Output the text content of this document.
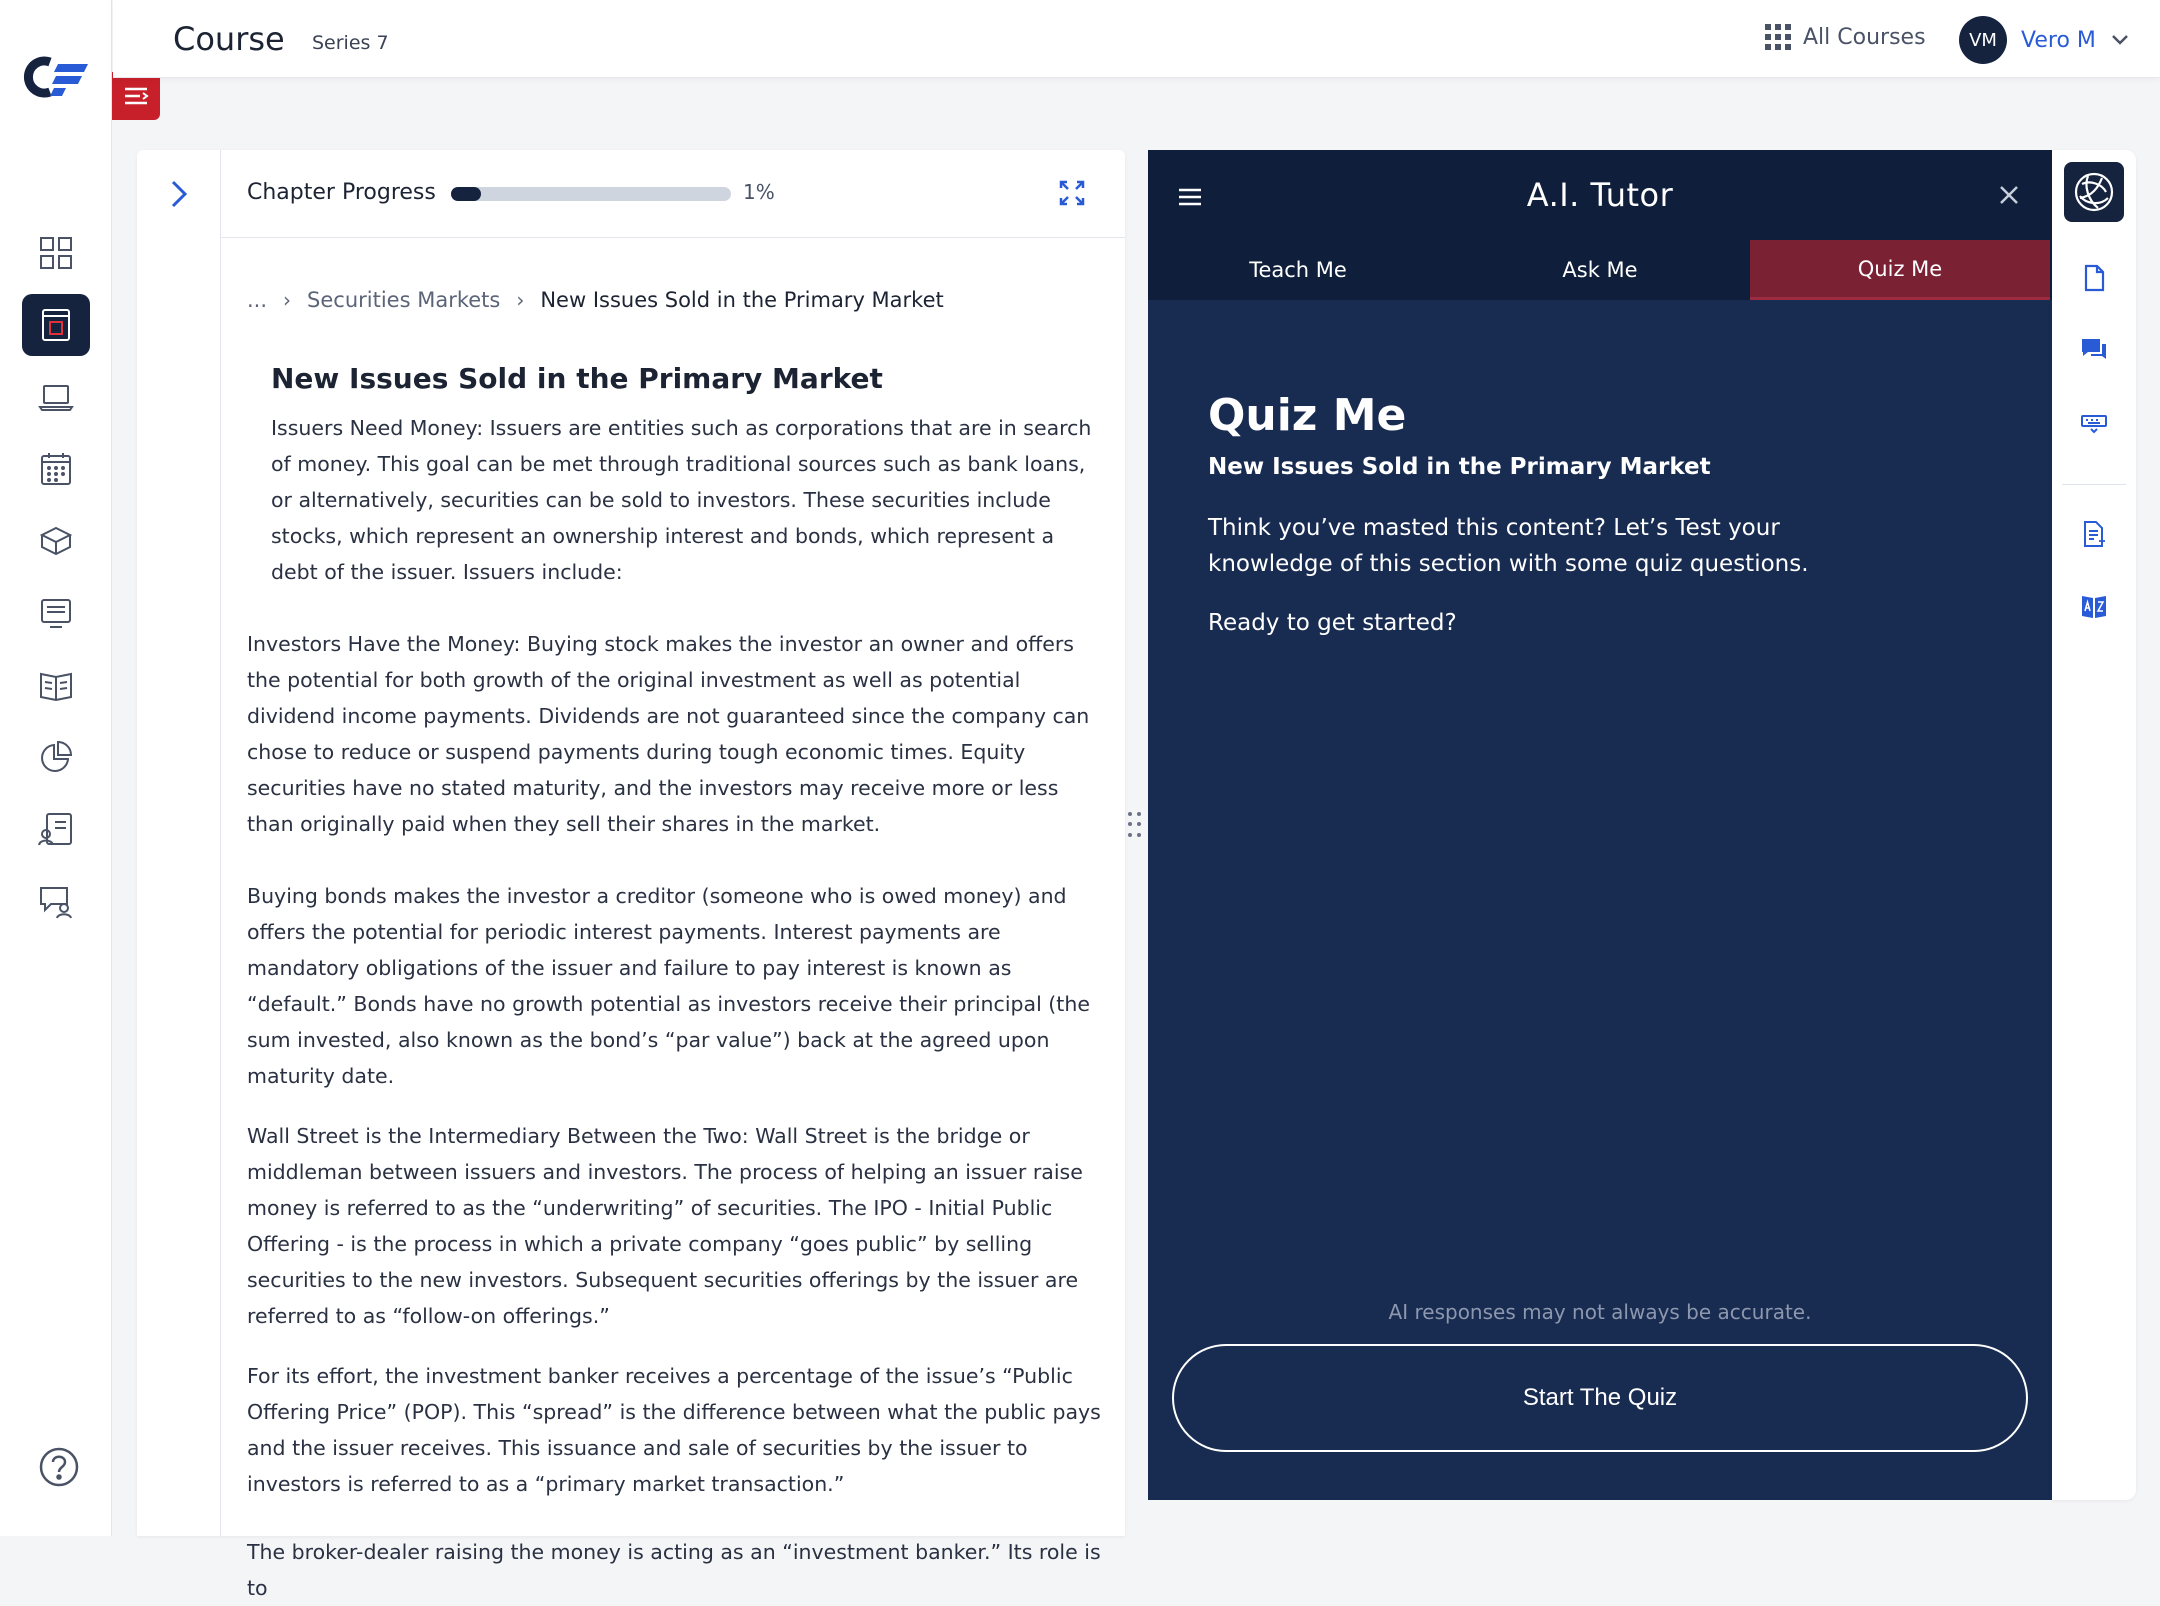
Course Series 7	All Courses	VM	Vero M
Chapter Progress	1%
... › Securities Markets › New Issues Sold in the Primary Market
New Issues Sold in the Primary Market

Issuers Need Money: Issuers are entities such as corporations that are in search of money. This goal can be met through traditional sources such as bank loans, or alternatively, securities can be sold to investors. These securities include stocks, which represent an ownership interest and bonds, which represent a debt of the issuer. Issuers include:

Investors Have the Money: Buying stock makes the investor an owner and offers the potential for both growth of the original investment as well as potential dividend income payments. Dividends are not guaranteed since the company can chose to reduce or suspend payments during tough economic times. Equity securities have no stated maturity, and the investors may receive more or less than originally paid when they sell their shares in the market.

Buying bonds makes the investor a creditor (someone who is owed money) and offers the potential for periodic interest payments. Interest payments are mandatory obligations of the issuer and failure to pay interest is known as “default.” Bonds have no growth potential as investors receive their principal (the sum invested, also known as the bond’s “par value”) back at the agreed upon maturity date.

Wall Street is the Intermediary Between the Two: Wall Street is the bridge or middleman between issuers and investors. The process of helping an issuer raise money is referred to as the “underwriting” of securities. The IPO - Initial Public Offering - is the process in which a private company “goes public” by selling securities to the new investors. Subsequent securities offerings by the issuer are referred to as “follow-on offerings.”

For its effort, the investment banker receives a percentage of the issue’s “Public Offering Price” (POP). This “spread” is the difference between what the public pays and the issuer receives. This issuance and sale of securities by the issuer to investors is referred to as a “primary market transaction.”

The broker-dealer raising the money is acting as an “investment banker.” Its role is to

A.I. Tutor
Teach Me	Ask Me	Quiz Me
Quiz Me
New Issues Sold in the Primary Market
Think you’ve masted this content? Let’s Test your knowledge of this section with some quiz questions.
Ready to get started?
AI responses may not always be accurate.
Start The Quiz
